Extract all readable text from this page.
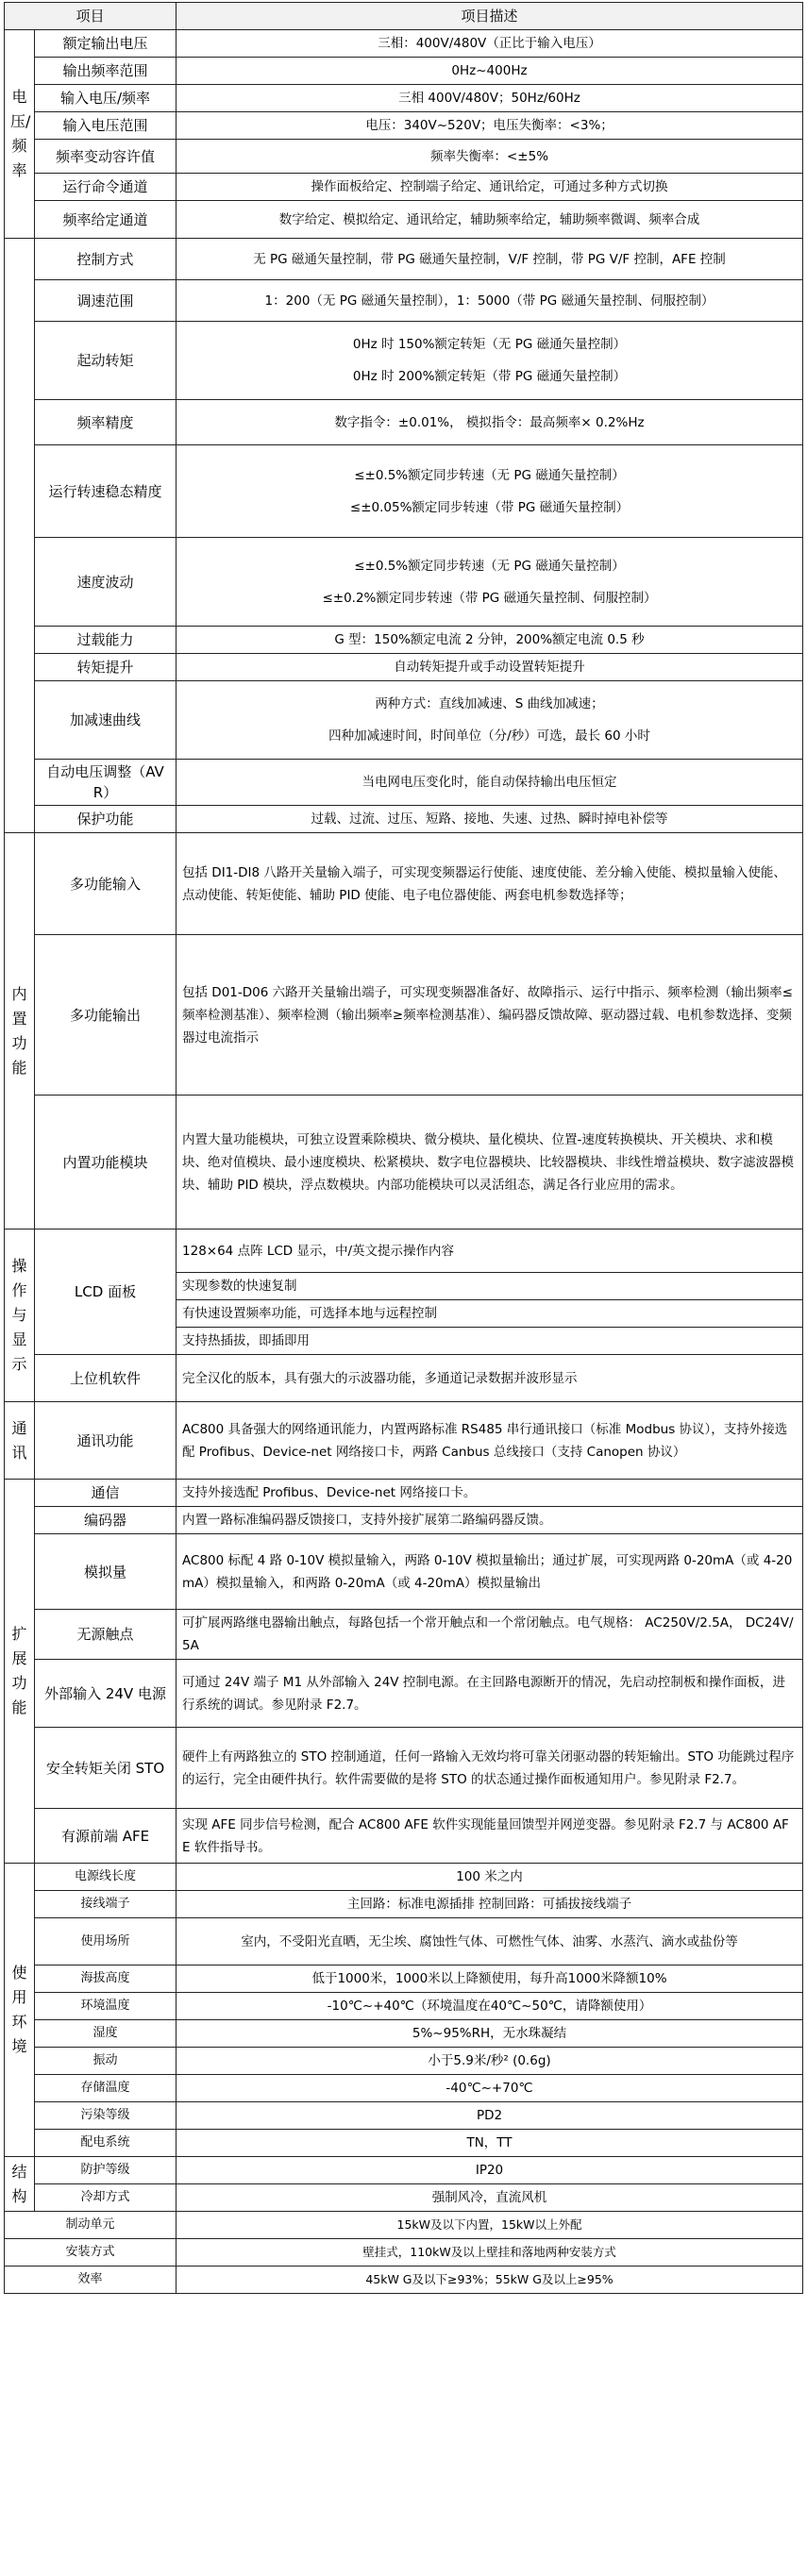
项目		项目描述
电压/频率	额定输出电压	三相：400V/480V（正比于输入电压）
	输出频率范围	0Hz~400Hz
	输入电压/频率	三相 400V/480V；50Hz/60Hz
	输入电压范围	电压：340V~520V；电压失衡率：<3%；
	频率变动容许值	频率失衡率：<±5%
	运行命令通道	操作面板给定、控制端子给定、通讯给定，可通过多种方式切换
	频率给定通道	数字给定、模拟给定、通讯给定，辅助频率给定，辅助频率微调、频率合成
	控制方式	无 PG 磁通矢量控制，带 PG 磁通矢量控制，V/F 控制，带 PG V/F 控制，AFE 控制
	调速范围	1：200（无 PG 磁通矢量控制），1：5000（带 PG 磁通矢量控制、伺服控制）
	起动转矩	0Hz 时 150%额定转矩（无 PG 磁通矢量控制）
0Hz 时 200%额定转矩（带 PG 磁通矢量控制）

	频率精度	数字指令：±0.01%， 模拟指令：最高频率× 0.2%Hz
	运行转速稳态精度	≤±0.5%额定同步转速（无 PG 磁通矢量控制）
≤±0.05%额定同步转速（带 PG 磁通矢量控制）

	速度波动	≤±0.5%额定同步转速（无 PG 磁通矢量控制）
≤±0.2%额定同步转速（带 PG 磁通矢量控制、伺服控制）

	过载能力	G 型：150%额定电流 2 分钟，200%额定电流 0.5 秒
	转矩提升	自动转矩提升或手动设置转矩提升
	加减速曲线	两种方式：直线加减速、S 曲线加减速；
四种加减速时间，时间单位（分/秒）可选，最长 60 小时

	自动电压调整（AVR）	当电网电压变化时，能自动保持输出电压恒定
	保护功能	过载、过流、过压、短路、接地、失速、过热、瞬时掉电补偿等
内置功能	多功能输入	包括 DI1-DI8 八路开关量输入端子，可实现变频器运行使能、速度使能、差分输入使能、模拟量输入使能、点动使能、转矩使能、辅助 PID 使能、电子电位器使能、两套电机参数选择等；
	多功能输出	包括 D01-D06 六路开关量输出端子，可实现变频器准备好、故障指示、运行中指示、频率检测（输出频率≤频率检测基准）、频率检测（输出频率≥频率检测基准）、编码器反馈故障、驱动器过载、电机参数选择、变频器过电流指示
	内置功能模块	内置大量功能模块，可独立设置乘除模块、微分模块、量化模块、位置-速度转换模块、开关模块、求和模块、绝对值模块、最小速度模块、松紧模块、数字电位器模块、比较器模块、非线性增益模块、数字滤波器模块、辅助 PID 模块，浮点数模块。内部功能模块可以灵活组态，满足各行业应用的需求。
操作与显示	LCD 面板	128×64 点阵 LCD 显示，中/英文提示操作内容
		实现参数的快速复制
		有快速设置频率功能，可选择本地与远程控制
		支持热插拔，即插即用
	上位机软件	完全汉化的版本，具有强大的示波器功能，多通道记录数据并波形显示
通讯	通讯功能	AC800 具备强大的网络通讯能力，内置两路标准 RS485 串行通讯接口（标准 Modbus 协议），支持外接选配 Profibus、Device-net 网络接口卡，两路 Canbus 总线接口（支持 Canopen 协议）
扩展功能	通信	支持外接选配 Profibus、Device-net 网络接口卡。
	编码器	内置一路标准编码器反馈接口，支持外接扩展第二路编码器反馈。
	模拟量	AC800 标配 4 路 0-10V 模拟量输入，两路 0-10V 模拟量输出；通过扩展，可实现两路 0-20mA（或 4-20mA）模拟量输入，和两路 0-20mA（或 4-20mA）模拟量输出
	无源触点	可扩展两路继电器输出触点，每路包括一个常开触点和一个常闭触点。电气规格： AC250V/2.5A， DC24V/5A
	外部输入 24V 电源	可通过 24V 端子 M1 从外部输入 24V 控制电源。在主回路电源断开的情况，先启动控制板和操作面板，进行系统的调试。参见附录 F2.7。
	安全转矩关闭 STO	硬件上有两路独立的 STO 控制通道，任何一路输入无效均将可靠关闭驱动器的转矩输出。STO 功能跳过程序的运行，完全由硬件执行。软件需要做的是将 STO 的状态通过操作面板通知用户。参见附录 F2.7。
	有源前端 AFE	实现 AFE 同步信号检测，配合 AC800 AFE 软件实现能量回馈型并网逆变器。参见附录 F2.7 与 AC800 AFE 软件指导书。
使用环境	电源线长度	100 米之内
	接线端子	主回路：标准电源插排 控制回路：可插拔接线端子
	使用场所	室内，不受阳光直晒，无尘埃、腐蚀性气体、可燃性气体、油雾、水蒸汽、滴水或盐份等
	海拔高度	低于1000米，1000米以上降额使用，每升高1000米降额10%
	环境温度	-10℃~+40℃（环境温度在40℃~50℃，请降额使用）
	湿度	5%~95%RH，无水珠凝结
	振动	小于5.9米/秒² (0.6g)
	存储温度	-40℃~+70℃
	污染等级	PD2
	配电系统	TN，TT
结构	防护等级	IP20
	冷却方式	强制风冷，直流风机
制动单元		15kW及以下内置，15kW以上外配
安装方式		壁挂式，110kW及以上壁挂和落地两种安装方式
效率		45kW G及以下≥93%；55kW G及以上≥95%
